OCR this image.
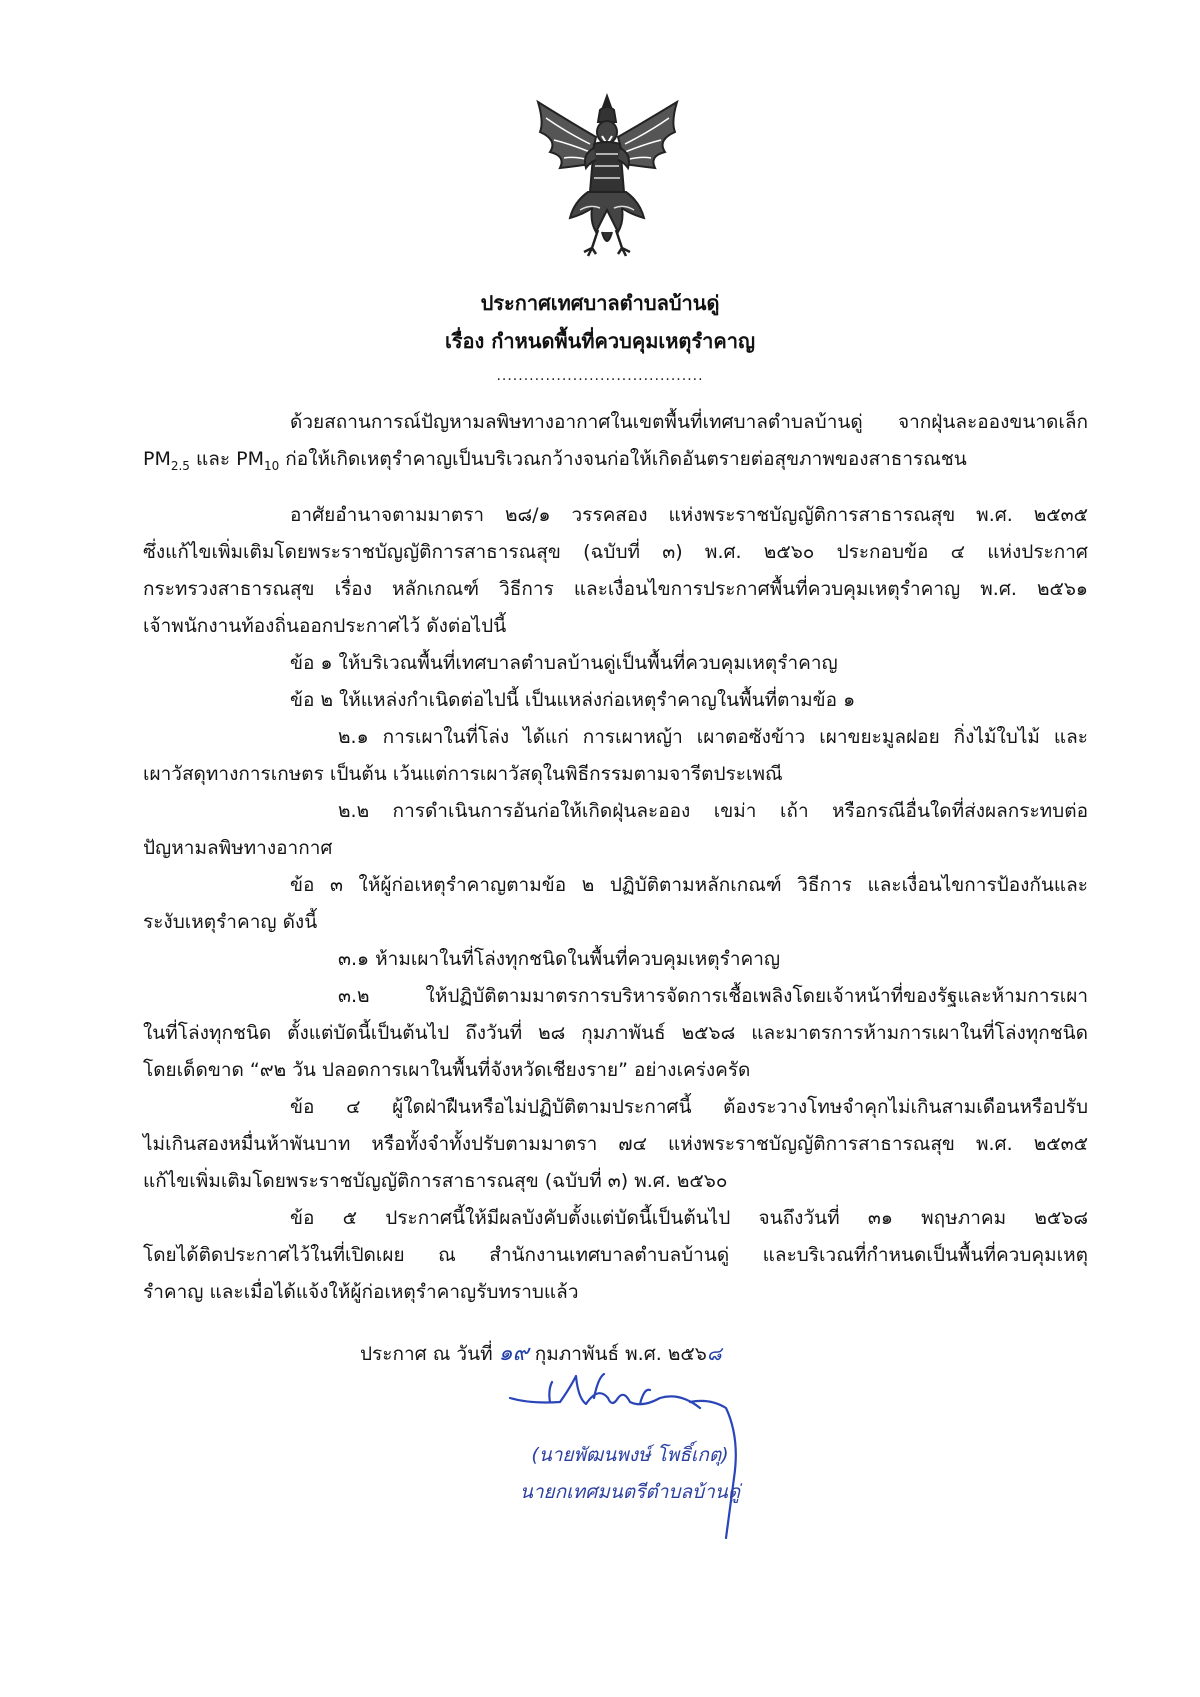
ประกาศเทศบาลตำบลบ้านดู่
เรื่อง กำหนดพื้นที่ควบคุมเหตุรำคาญ
......................................
ด้วยสถานการณ์ปัญหามลพิษทางอากาศในเขตพื้นที่เทศบาลตำบลบ้านดู่ จากฝุ่นละอองขนาดเล็ก
$PM_{2.5}$ และ $PM_{10}$ ก่อให้เกิดเหตุรำคาญเป็นบริเวณกว้างจนก่อให้เกิดอันตรายต่อสุขภาพของสาธารณชน
อาศัยอำนาจตามมาตรา ๒๘/๑ วรรคสอง แห่งพระราชบัญญัติการสาธารณสุข พ.ศ. ๒๕๓๕
ซึ่งแก้ไขเพิ่มเติมโดยพระราชบัญญัติการสาธารณสุข (ฉบับที่ ๓) พ.ศ. ๒๕๖๐ ประกอบข้อ ๔ แห่งประกาศ
กระทรวงสาธารณสุข เรื่อง หลักเกณฑ์ วิธีการ และเงื่อนไขการประกาศพื้นที่ควบคุมเหตุรำคาญ พ.ศ. ๒๕๖๑
เจ้าพนักงานท้องถิ่นออกประกาศไว้ ดังต่อไปนี้
ข้อ ๑ ให้บริเวณพื้นที่เทศบาลตำบลบ้านดู่เป็นพื้นที่ควบคุมเหตุรำคาญ
ข้อ ๒ ให้แหล่งกำเนิดต่อไปนี้ เป็นแหล่งก่อเหตุรำคาญในพื้นที่ตามข้อ ๑
๒.๑ การเผาในที่โล่ง ได้แก่ การเผาหญ้า เผาตอซังข้าว เผาขยะมูลฝอย กิ่งไม้ใบไม้ และ
เผาวัสดุทางการเกษตร เป็นต้น เว้นแต่การเผาวัสดุในพิธีกรรมตามจารีตประเพณี
๒.๒ การดำเนินการอันก่อให้เกิดฝุ่นละออง เขม่า เถ้า หรือกรณีอื่นใดที่ส่งผลกระทบต่อ
ปัญหามลพิษทางอากาศ
ข้อ ๓ ให้ผู้ก่อเหตุรำคาญตามข้อ ๒ ปฏิบัติตามหลักเกณฑ์ วิธีการ และเงื่อนไขการป้องกันและ
ระงับเหตุรำคาญ ดังนี้
๓.๑ ห้ามเผาในที่โล่งทุกชนิดในพื้นที่ควบคุมเหตุรำคาญ
๓.๒ ให้ปฏิบัติตามมาตรการบริหารจัดการเชื้อเพลิงโดยเจ้าหน้าที่ของรัฐและห้ามการเผา
ในที่โล่งทุกชนิด ตั้งแต่บัดนี้เป็นต้นไป ถึงวันที่ ๒๘ กุมภาพันธ์ ๒๕๖๘ และมาตรการห้ามการเผาในที่โล่งทุกชนิด
โดยเด็ดขาด “๙๒ วัน ปลอดการเผาในพื้นที่จังหวัดเชียงราย” อย่างเคร่งครัด
ข้อ ๔ ผู้ใดฝ่าฝืนหรือไม่ปฏิบัติตามประกาศนี้ ต้องระวางโทษจำคุกไม่เกินสามเดือนหรือปรับ
ไม่เกินสองหมื่นห้าพันบาท หรือทั้งจำทั้งปรับตามมาตรา ๗๔ แห่งพระราชบัญญัติการสาธารณสุข พ.ศ. ๒๕๓๕
แก้ไขเพิ่มเติมโดยพระราชบัญญัติการสาธารณสุข (ฉบับที่ ๓) พ.ศ. ๒๕๖๐
ข้อ ๕ ประกาศนี้ให้มีผลบังคับตั้งแต่บัดนี้เป็นต้นไป จนถึงวันที่ ๓๑ พฤษภาคม ๒๕๖๘
โดยได้ติดประกาศไว้ในที่เปิดเผย ณ สำนักงานเทศบาลตำบลบ้านดู่ และบริเวณที่กำหนดเป็นพื้นที่ควบคุมเหตุ
รำคาญ และเมื่อได้แจ้งให้ผู้ก่อเหตุรำคาญรับทราบแล้ว
ประกาศ ณ วันที่ ๑๙ กุมภาพันธ์ พ.ศ. ๒๕๖๘
(นายพัฒนพงษ์ โพธิ์เกตุ)
นายกเทศมนตรีตำบลบ้านดู่
